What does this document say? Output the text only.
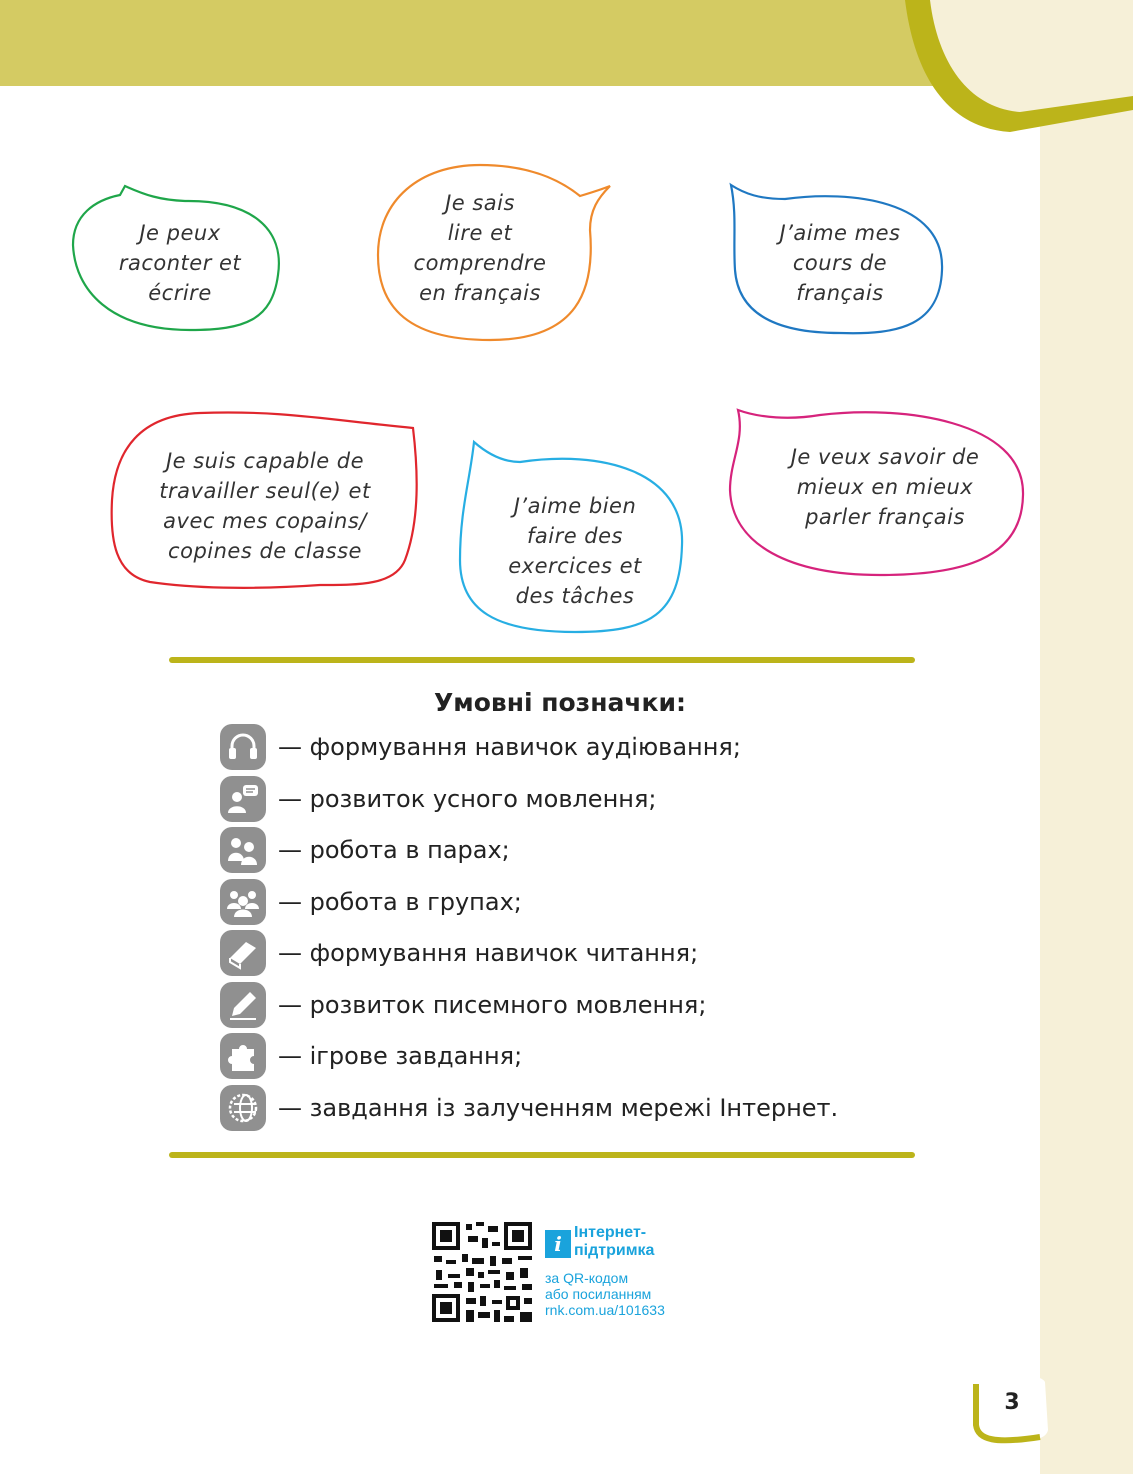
Je peux
raconter et
écrire
Je sais
lire et
comprendre
en français
J’aime mes
cours de
français
Je suis capable de
travailler seul(e) et
avec mes copains/
copines de classe
J’aime bien
faire des
exercices et
des tâches
Je veux savoir de
mieux en mieux
parler français
Умовні позначки:
— формування навичок аудіювання;
— розвиток усного мовлення;
— робота в парах;
— робота в групах;
— формування навичок читання;
— розвиток писемного мовлення;
— ігрове завдання;
— завдання із залученням мережі Інтернет.
i Інтернет-
підтримка
за QR-кодом
або посиланням
rnk.com.ua/101633
3
